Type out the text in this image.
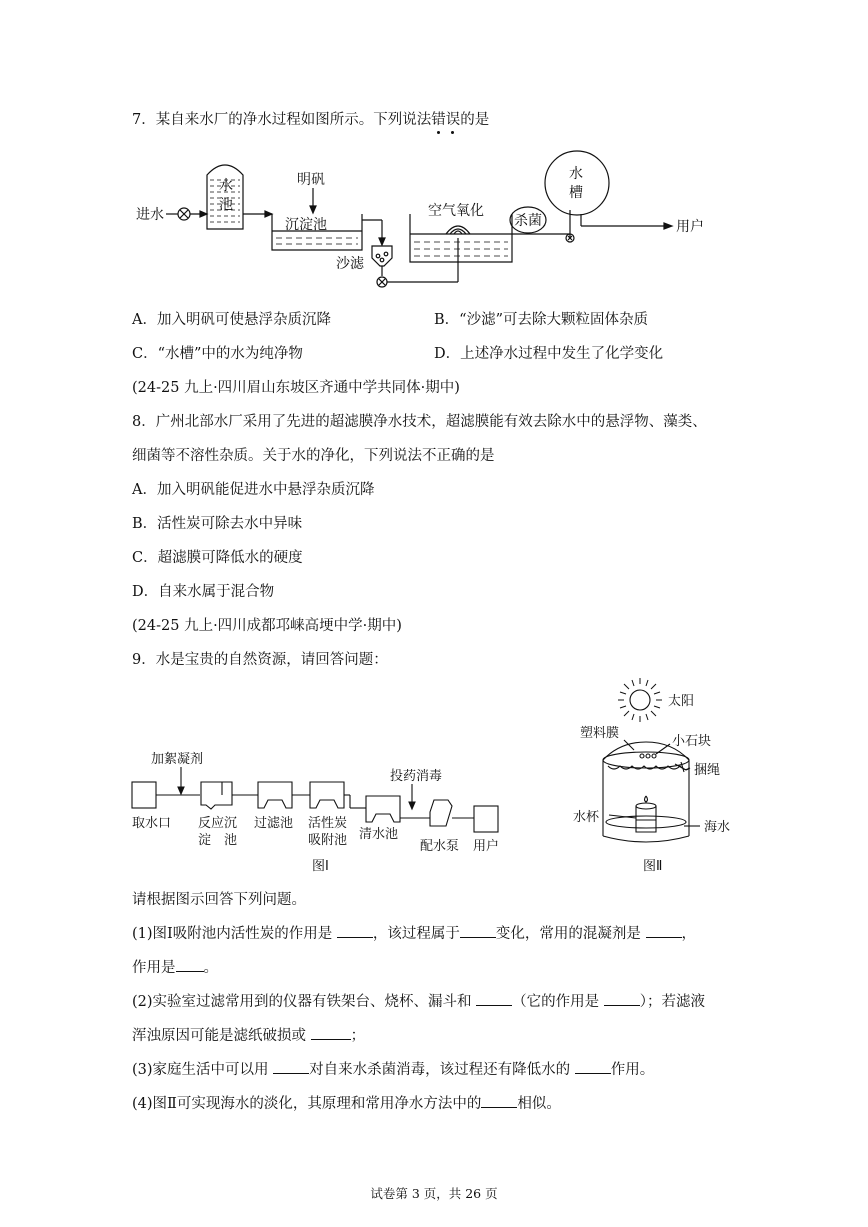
7．某自来水厂的净水过程如图所示。下列说法错误的是
进水
水
池
明矾
沉淀池
沙滤
空气氧化
杀菌
水
槽
用户
A．加入明矾可使悬浮杂质沉降	B．“沙滤”可去除大颗粒固体杂质
C．“水槽”中的水为纯净物	D．上述净水过程中发生了化学变化
(24-25 九上·四川眉山东坡区齐通中学共同体·期中)
8．广州北部水厂采用了先进的超滤膜净水技术，超滤膜能有效去除水中的悬浮物、藻类、
细菌等不溶性杂质。关于水的净化，下列说法不正确的是
A．加入明矾能促进水中悬浮杂质沉降
B．活性炭可除去水中异味
C．超滤膜可降低水的硬度
D．自来水属于混合物
(24-25 九上·四川成都邛崃高埂中学·期中)
9．水是宝贵的自然资源，请回答问题：
加絮凝剂
投药消毒
取水口 反应沉
淀　池
过滤池 活性炭
吸附池 清水池
配水泵 用户
图Ⅰ
太阳
塑料膜
小石块
捆绳
水杯
海水
图Ⅱ
请根据图示回答下列问题。
(1)图Ⅰ吸附池内活性炭的作用是 ，该过程属于 变化，常用的混凝剂是 ，
作用是 。
(2)实验室过滤常用到的仪器有铁架台、烧杯、漏斗和 （它的作用是 ）；若滤液
浑浊原因可能是滤纸破损或	；
(3)家庭生活中可以用 对自来水杀菌消毒，该过程还有降低水的 作用。
(4)图Ⅱ可实现海水的淡化，其原理和常用净水方法中的 相似。
试卷第 3 页，共 26 页
